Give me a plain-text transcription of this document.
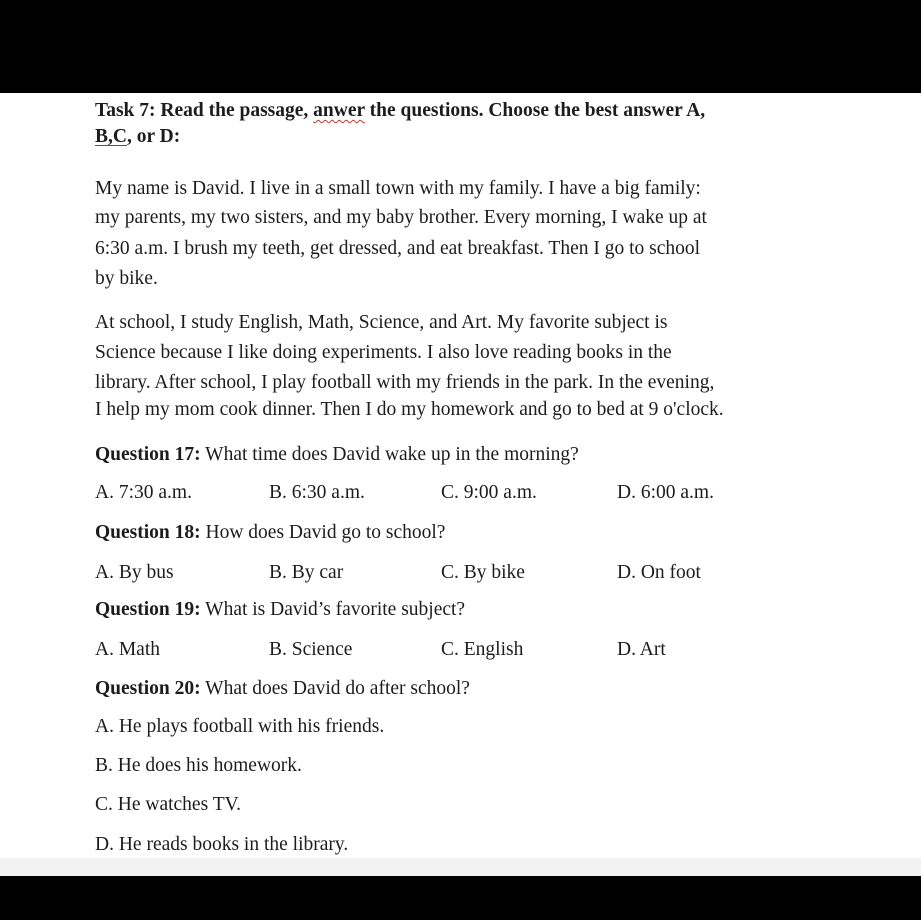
Task 7: Read the passage, anwer the questions. Choose the best answer A,
B,C, or D:
My name is David. I live in a small town with my family. I have a big family:
my parents, my two sisters, and my baby brother. Every morning, I wake up at
6:30 a.m. I brush my teeth, get dressed, and eat breakfast. Then I go to school
by bike.
At school, I study English, Math, Science, and Art. My favorite subject is
Science because I like doing experiments. I also love reading books in the
library. After school, I play football with my friends in the park. In the evening,
I help my mom cook dinner. Then I do my homework and go to bed at 9 o'clock.
Question 17: What time does David wake up in the morning?
A. 7:30 a.m.	B. 6:30 a.m.	C. 9:00 a.m.	D. 6:00 a.m.
Question 18: How does David go to school?
A. By bus	B. By car	C. By bike	D. On foot
Question 19: What is David’s favorite subject?
A. Math	B. Science	C. English	D. Art
Question 20: What does David do after school?
A. He plays football with his friends.
B. He does his homework.
C. He watches TV.
D. He reads books in the library.
